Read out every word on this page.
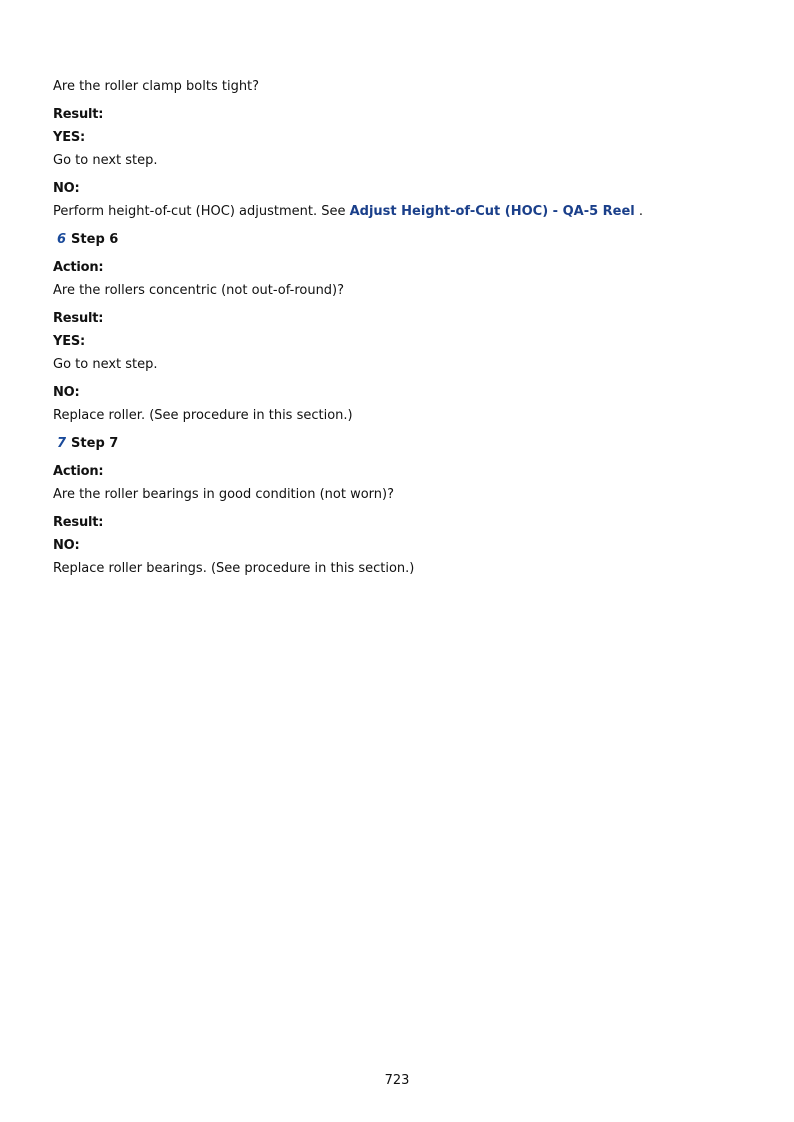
Are the roller clamp bolts tight?
Result:
YES:
Go to next step.
NO:
Perform height-of-cut (HOC) adjustment. See Adjust Height-of-Cut (HOC) - QA-5 Reel .
6 Step 6
Action:
Are the rollers concentric (not out-of-round)?
Result:
YES:
Go to next step.
NO:
Replace roller. (See procedure in this section.)
7 Step 7
Action:
Are the roller bearings in good condition (not worn)?
Result:
NO:
Replace roller bearings. (See procedure in this section.)
723
